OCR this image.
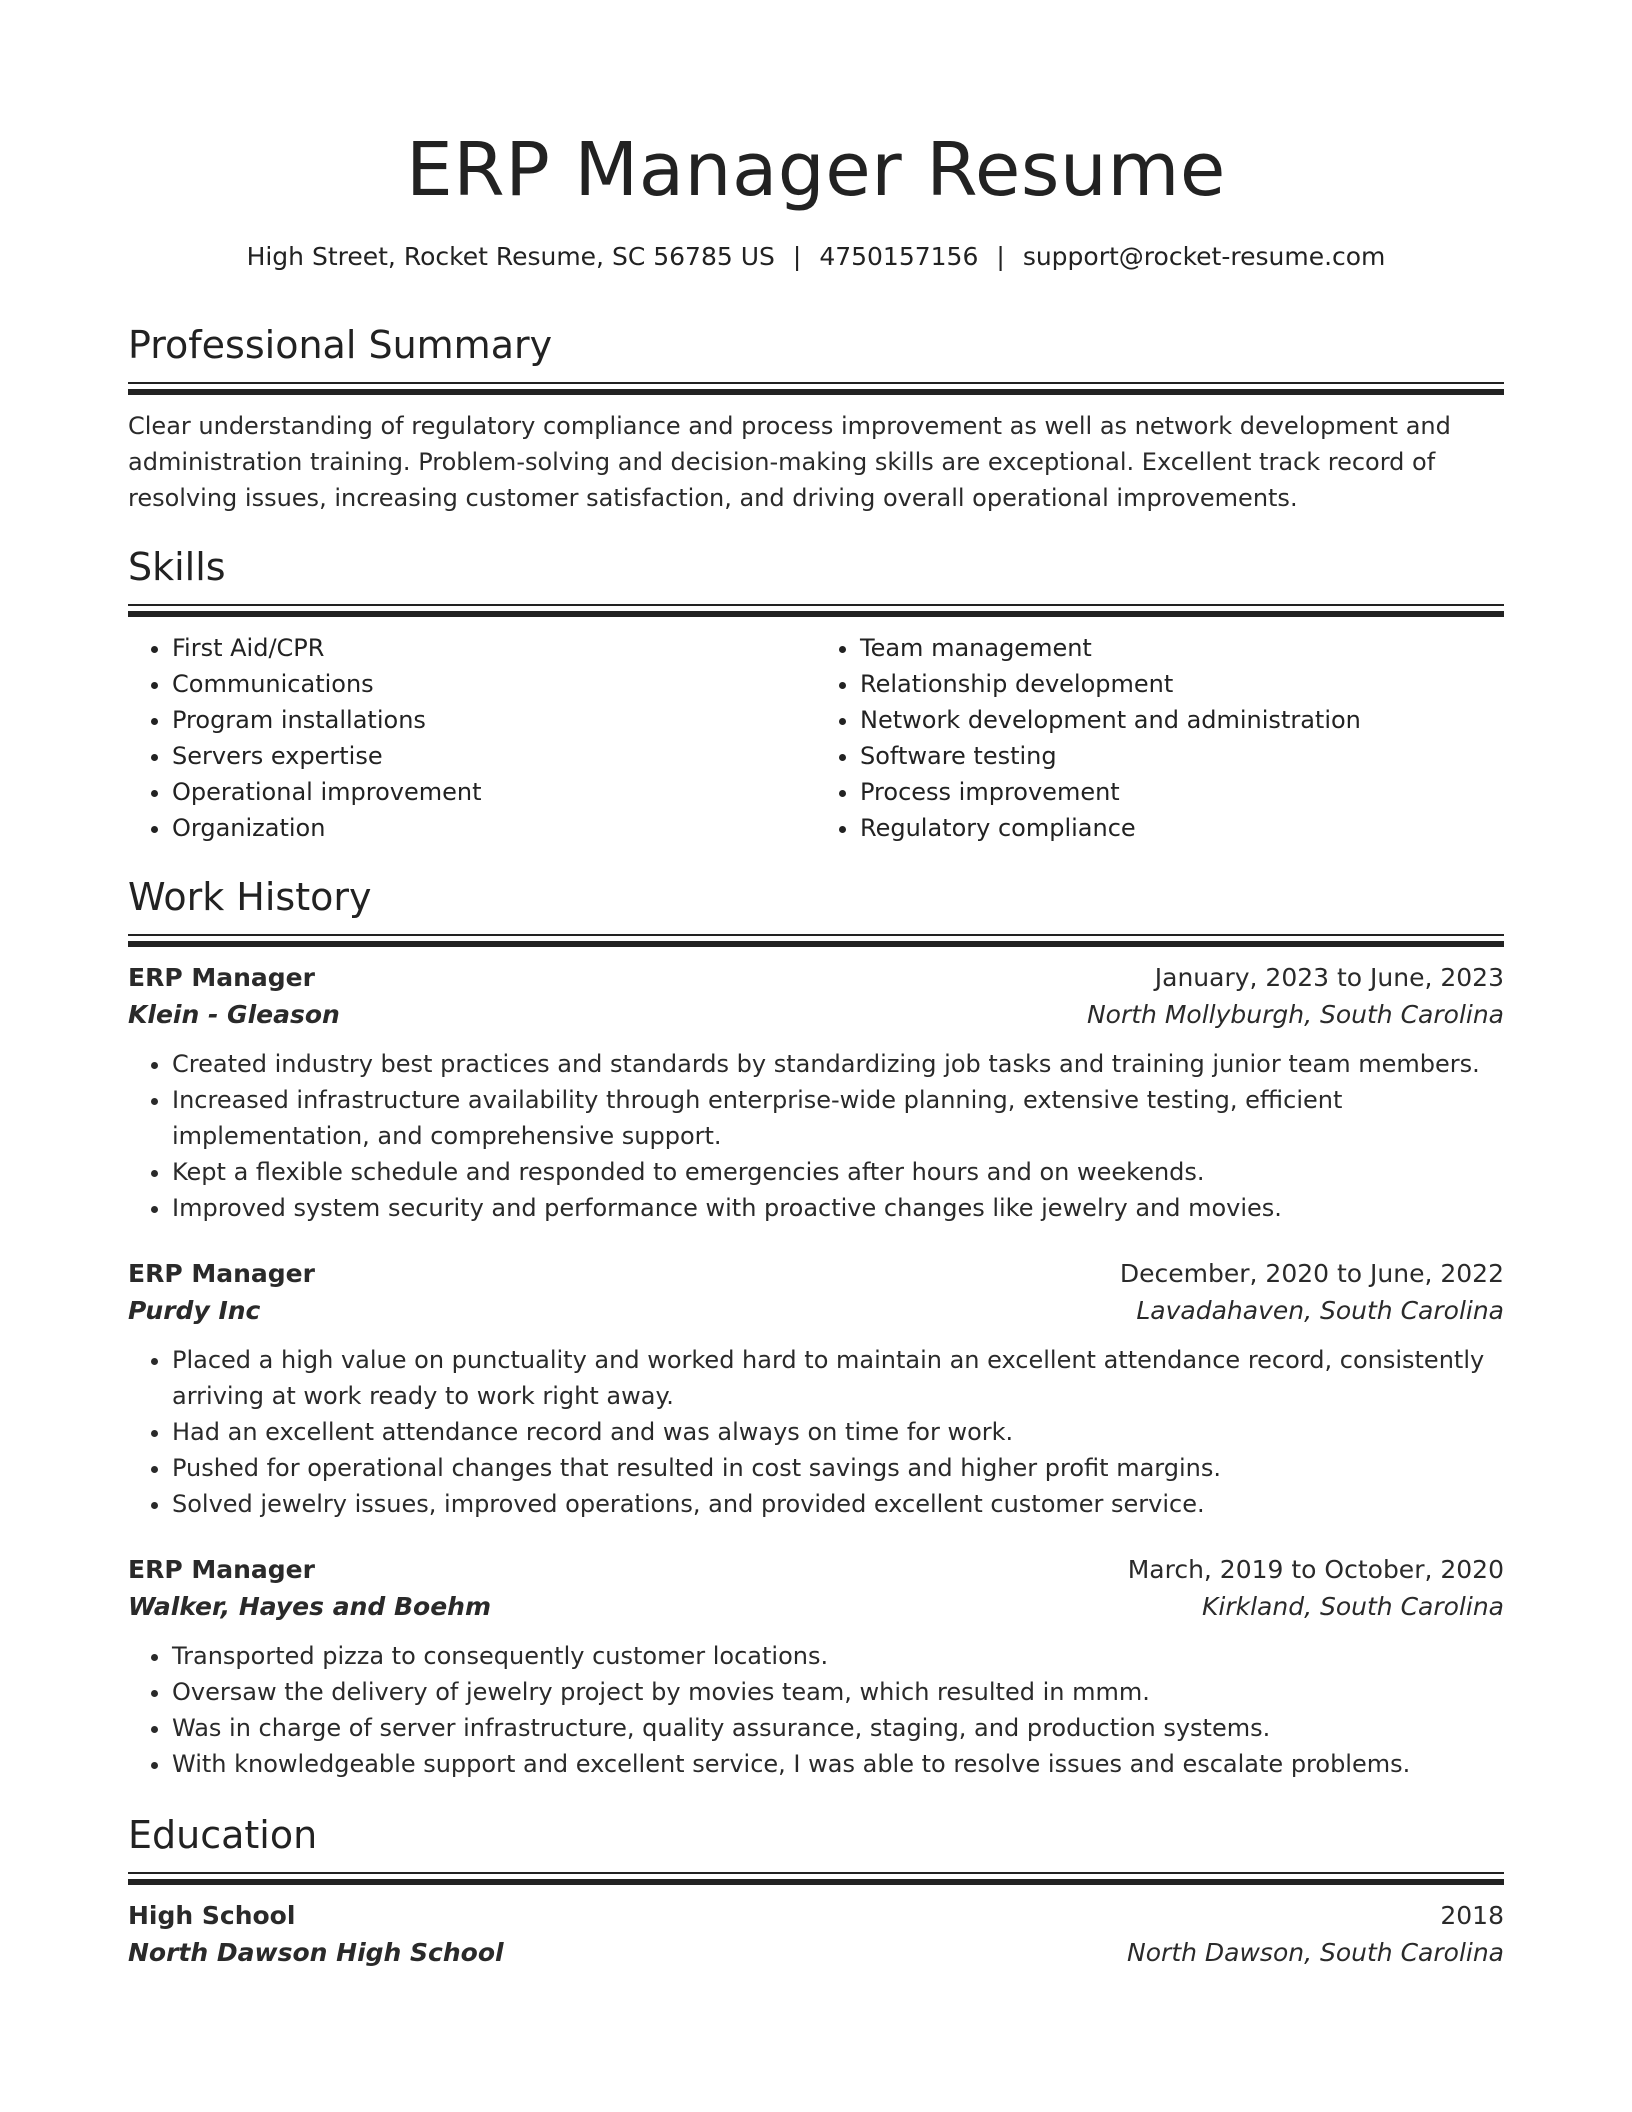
ERP Manager Resume
High Street, Rocket Resume, SC 56785 US | 4750157156 | support@rocket-resume.com
Professional Summary
Clear understanding of regulatory compliance and process improvement as well as network development and administration training. Problem-solving and decision-making skills are exceptional. Excellent track record of resolving issues, increasing customer satisfaction, and driving overall operational improvements.
Skills
• First Aid/CPR
• Communications
• Program installations
• Servers expertise
• Operational improvement
• Organization
• Team management
• Relationship development
• Network development and administration
• Software testing
• Process improvement
• Regulatory compliance
Work History
ERP Manager	January, 2023 to June, 2023
Klein - Gleason	North Mollyburgh, South Carolina
• Created industry best practices and standards by standardizing job tasks and training junior team members.
• Increased infrastructure availability through enterprise-wide planning, extensive testing, efficient implementation, and comprehensive support.
• Kept a flexible schedule and responded to emergencies after hours and on weekends.
• Improved system security and performance with proactive changes like jewelry and movies.
ERP Manager	December, 2020 to June, 2022
Purdy Inc	Lavadahaven, South Carolina
• Placed a high value on punctuality and worked hard to maintain an excellent attendance record, consistently arriving at work ready to work right away.
• Had an excellent attendance record and was always on time for work.
• Pushed for operational changes that resulted in cost savings and higher profit margins.
• Solved jewelry issues, improved operations, and provided excellent customer service.
ERP Manager	March, 2019 to October, 2020
Walker, Hayes and Boehm	Kirkland, South Carolina
• Transported pizza to consequently customer locations.
• Oversaw the delivery of jewelry project by movies team, which resulted in mmm.
• Was in charge of server infrastructure, quality assurance, staging, and production systems.
• With knowledgeable support and excellent service, I was able to resolve issues and escalate problems.
Education
High School	2018
North Dawson High School	North Dawson, South Carolina
